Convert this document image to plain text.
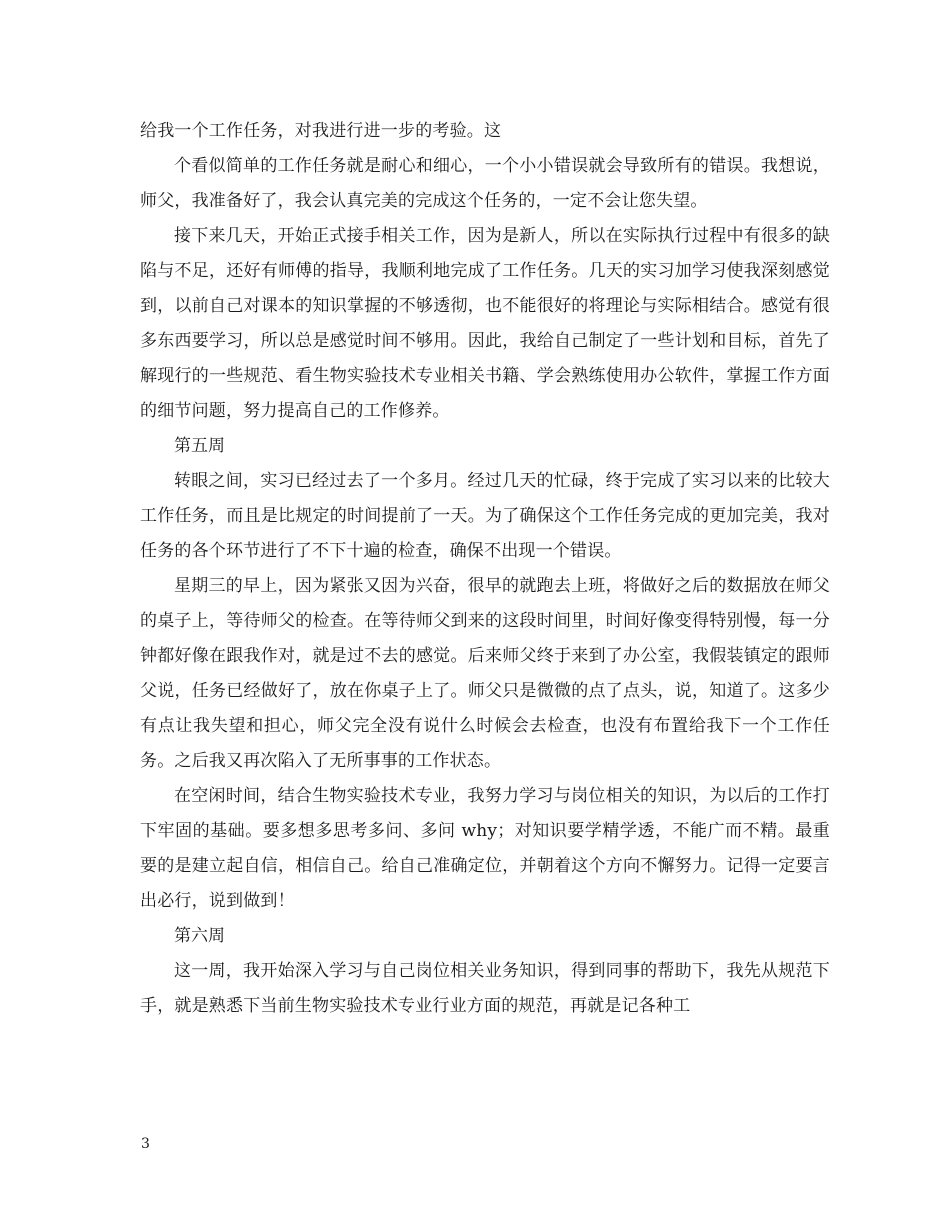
给我一个工作任务，对我进行进一步的考验。这

个看似简单的工作任务就是耐心和细心，一个小小错误就会导致所有的错误。我想说，师父，我准备好了，我会认真完美的完成这个任务的，一定不会让您失望。

接下来几天，开始正式接手相关工作，因为是新人，所以在实际执行过程中有很多的缺陷与不足，还好有师傅的指导，我顺利地完成了工作任务。几天的实习加学习使我深刻感觉到，以前自己对课本的知识掌握的不够透彻，也不能很好的将理论与实际相结合。感觉有很多东西要学习，所以总是感觉时间不够用。因此，我给自己制定了一些计划和目标，首先了解现行的一些规范、看生物实验技术专业相关书籍、学会熟练使用办公软件，掌握工作方面的细节问题，努力提高自己的工作修养。

第五周

转眼之间，实习已经过去了一个多月。经过几天的忙碌，终于完成了实习以来的比较大工作任务，而且是比规定的时间提前了一天。为了确保这个工作任务完成的更加完美，我对任务的各个环节进行了不下十遍的检查，确保不出现一个错误。

星期三的早上，因为紧张又因为兴奋，很早的就跑去上班，将做好之后的数据放在师父的桌子上，等待师父的检查。在等待师父到来的这段时间里，时间好像变得特别慢，每一分钟都好像在跟我作对，就是过不去的感觉。后来师父终于来到了办公室，我假装镇定的跟师父说，任务已经做好了，放在你桌子上了。师父只是微微的点了点头，说，知道了。这多少有点让我失望和担心，师父完全没有说什么时候会去检查，也没有布置给我下一个工作任务。之后我又再次陷入了无所事事的工作状态。

在空闲时间，结合生物实验技术专业，我努力学习与岗位相关的知识，为以后的工作打下牢固的基础。要多想多思考多问、多问 why；对知识要学精学透，不能广而不精。最重要的是建立起自信，相信自己。给自己准确定位，并朝着这个方向不懈努力。记得一定要言出必行，说到做到！

第六周

这一周，我开始深入学习与自己岗位相关业务知识，得到同事的帮助下，我先从规范下手，就是熟悉下当前生物实验技术专业行业方面的规范，再就是记各种工

3
